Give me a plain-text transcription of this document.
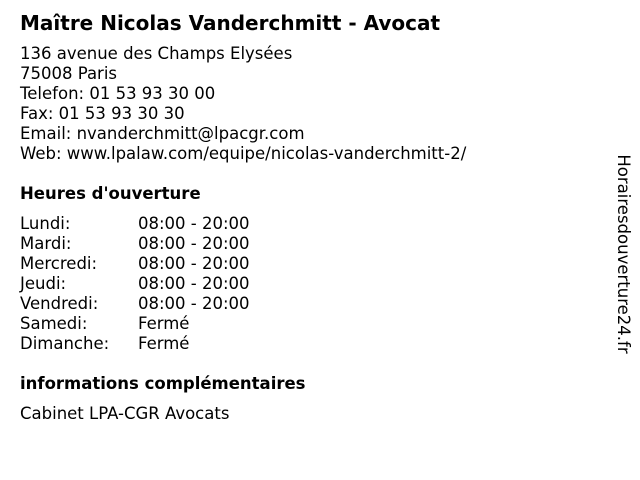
Maître Nicolas Vanderchmitt - Avocat
136 avenue des Champs Elysées
75008 Paris
Telefon: 01 53 93 30 00
Fax: 01 53 93 30 30
Email: nvanderchmitt@lpacgr.com
Web: www.lpalaw.com/equipe/nicolas-vanderchmitt-2/
Heures d'ouverture
Lundi:	08:00 - 20:00
Mardi:	08:00 - 20:00
Mercredi: 08:00 - 20:00
Jeudi:	08:00 - 20:00
Vendredi: 08:00 - 20:00
Samedi:	Fermé
Dimanche: Fermé
informations complémentaires
Cabinet LPA-CGR Avocats
Horairesdouverture24.fr
